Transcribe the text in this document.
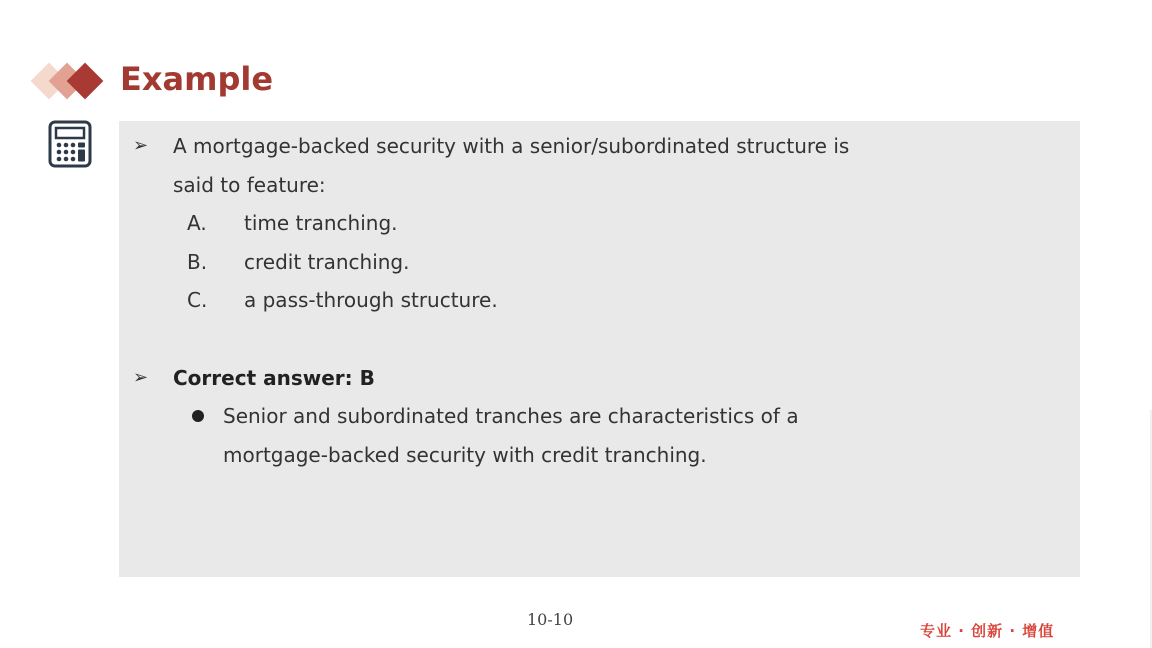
Example
➢ A mortgage-backed security with a senior/subordinated structure is
said to feature:
A. time tranching.
B. credit tranching.
C. a pass-through structure.
➢ Correct answer: B
Senior and subordinated tranches are characteristics of a
mortgage-backed security with credit tranching.
10-10
专业 · 创新 · 增值
